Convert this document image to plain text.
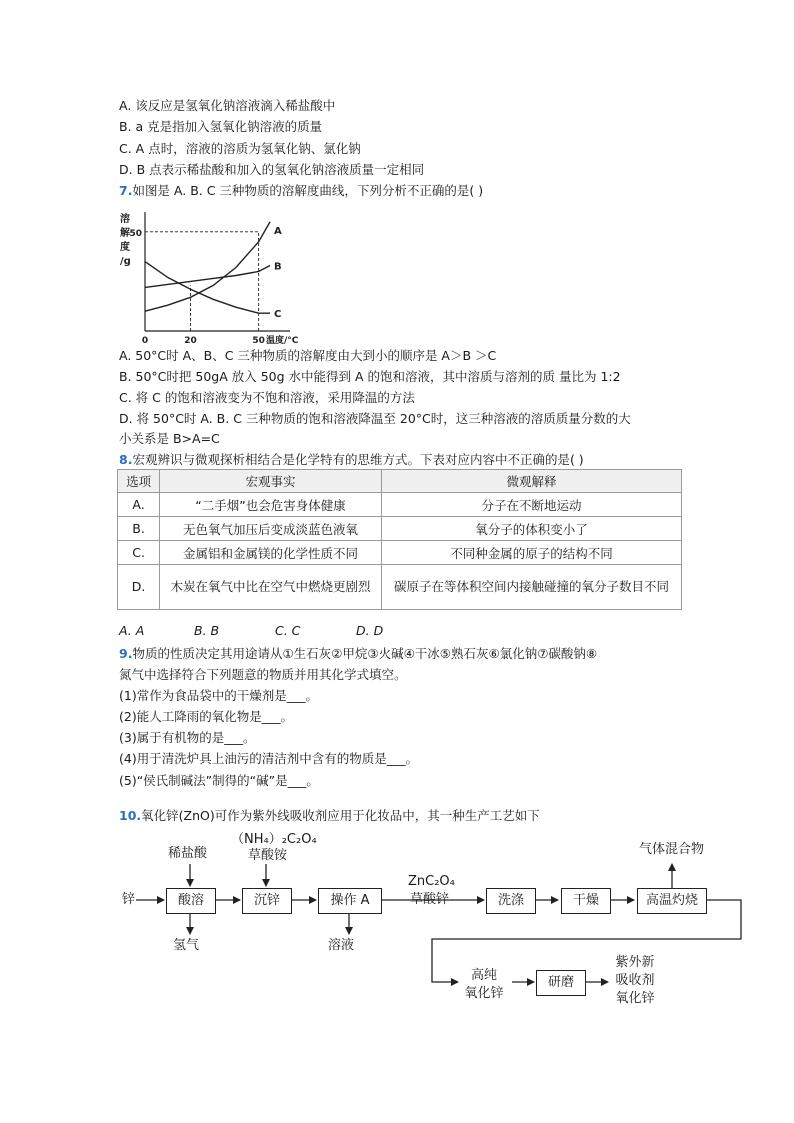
A. 该反应是氢氧化钠溶液滴入稀盐酸中
B. a 克是指加入氢氧化钠溶液的质量
C. A 点时，溶液的溶质为氢氧化钠、氯化钠
D. B 点表示稀盐酸和加入的氢氧化钠溶液质量一定相同
7.如图是 A. B. C 三种物质的溶解度曲线，下列分析不正确的是( )
溶
解
度
/g
50
0	20	50 温度/°C
A
B
C
A. 50°C时 A、B、C 三种物质的溶解度由大到小的顺序是 A＞B ＞C
B. 50°C时把 50gA 放入 50g 水中能得到 A 的饱和溶液，其中溶质与溶剂的质 量比为 1:2
C. 将 C 的饱和溶液变为不饱和溶液，采用降温的方法
D. 将 50°C时 A. B. C 三种物质的饱和溶液降温至 20°C时，这三种溶液的溶质质量分数的大
小关系是 B>A=C
8.宏观辨识与微观探析相结合是化学特有的思维方式。下表对应内容中不正确的是( )
选项	宏观事实	微观解释
A.	“二手烟”也会危害身体健康	分子在不断地运动
B.	无色氧气加压后变成淡蓝色液氧	氧分子的体积变小了
C.	金属铝和金属镁的化学性质不同	不同种金属的原子的结构不同
D.	木炭在氧气中比在空气中燃烧更剧烈	碳原子在等体积空间内接触碰撞的氧分子数目不同
A. A	B. B	C. C	D. D
9.物质的性质决定其用途请从①生石灰②甲烷③火碱④干冰⑤熟石灰⑥氯化钠⑦碳酸钠⑧
氮气中选择符合下列题意的物质并用其化学式填空。
(1)常作为食品袋中的干燥剂是___。
(2)能人工降雨的氧化物是___。
(3)属于有机物的是___。
(4)用于清洗炉具上油污的清洁剂中含有的物质是___。
(5)“侯氏制碱法”制得的“碱”是___。
10.氧化锌(ZnO)可作为紫外线吸收剂应用于化妆品中，其一种生产工艺如下
锌
稀盐酸
（NH₄）₂C₂O₄
草酸铵
ZnC₂O₄
草酸锌
气体混合物
氢气	溶液
酸溶	沉锌	操作 A	洗涤	干燥	高温灼烧
研磨
高纯
氧化锌
紫外新
吸收剂
氧化锌
